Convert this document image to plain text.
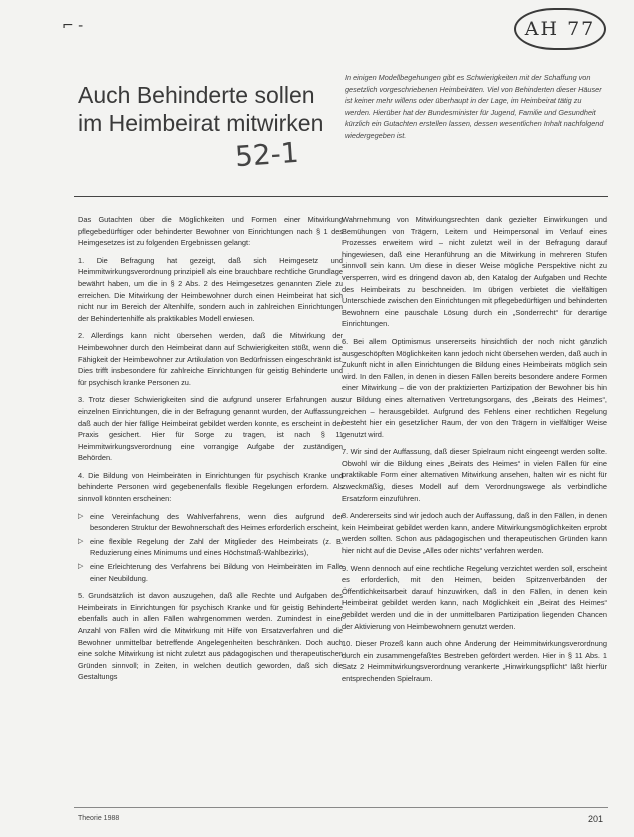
⌐ -	AH 77
Auch Behinderte sollen im Heimbeirat mitwirken
In einigen Modellbegehungen gibt es Schwierigkeiten mit der Schaffung von gesetzlich vorgeschriebenen Heimbeiräten. Viel von Behinderten dieser Häuser ist keiner mehr willens oder überhaupt in der Lage, im Heimbeirat tätig zu werden. Hierüber hat der Bundesminister für Jugend, Familie und Gesundheit kürzlich ein Gutachten erstellen lassen, dessen wesentlichen Inhalt nachfolgend wiedergegeben ist.
52-1

Das Gutachten über die Möglichkeiten und Formen einer Mitwirkung pflegebedürftiger oder behinderter Bewohner von Einrichtungen nach § 1 des Heimgesetzes ist zu folgenden Ergebnissen gelangt:

1. Die Befragung hat gezeigt, daß sich Heimgesetz und Heimmitwirkungsverordnung prinzipiell als eine brauchbare rechtliche Grundlage bewährt haben, um die in § 2 Abs. 2 des Heimgesetzes genannten Ziele zu erreichen. Die Mitwirkung der Heimbewohner durch einen Heimbeirat hat sich nicht nur im Bereich der Altenhilfe, sondern auch in zahlreichen Einrichtungen der Behindertenhilfe als praktikables Modell erwiesen.

2. Allerdings kann nicht übersehen werden, daß die Mitwirkung der Heimbewohner durch den Heimbeirat dann auf Schwierigkeiten stößt, wenn die Fähigkeit der Heimbewohner zur Artikulation von Bedürfnissen eingeschränkt ist. Dies trifft insbesondere für zahlreiche Einrichtungen für geistig Behinderte und für psychisch kranke Personen zu.

3. Trotz dieser Schwierigkeiten sind die aufgrund unserer Erfahrungen aus einzelnen Einrichtungen, die in der Befragung genannt wurden, der Auffassung, daß auch der hier fällige Heimbeirat gebildet werden konnte, es erscheint in der Praxis gesichert. Hier für Sorge zu tragen, ist nach § 11 Heimmitwirkungsverordnung eine vorrangige Aufgabe der zuständigen Behörden.

4. Die Bildung von Heimbeiräten in Einrichtungen für psychisch Kranke und behinderte Personen wird gegebenenfalls flexible Regelungen erfordern. Als sinnvoll könnten erscheinen:

▷ eine Vereinfachung des Wahlverfahrens, wenn dies aufgrund der besonderen Struktur der Bewohnerschaft des Heimes erforderlich erscheint,
▷ eine flexible Regelung der Zahl der Mitglieder des Heimbeirats (z. B. Reduzierung eines Minimums und eines Höchstmaß-Wahlbezirks),
▷ eine Erleichterung des Verfahrens bei Bildung von Heimbeiräten im Falle einer Neubildung.

5. Grundsätzlich ist davon auszugehen, daß alle Rechte und Aufgaben des Heimbeirats in Einrichtungen für psychisch Kranke und für geistig Behinderte ebenfalls auch in allen Fällen wahrgenommen werden. Zumindest in einer Anzahl von Fällen wird die Mitwirkung mit Hilfe von Ersatzverfahren und die Bewohner unmittelbar betreffende Angelegenheiten beschränken. Doch auch eine solche Mitwirkung ist nicht zuletzt aus pädagogischen und therapeutischen Gründen sinnvoll; in Zeiten, in welchen deutlich geworden, daß sich die Gestaltungs

Wahrnehmung von Mitwirkungsrechten dank gezielter Einwirkungen und Bemühungen von Trägern, Leitern und Heimpersonal im Verlauf eines Prozesses erweitern wird – nicht zuletzt weil in der Befragung darauf hingewiesen, daß eine Heranführung an die Mitwirkung in mehreren Stufen sinnvoll sein kann. Um diese in dieser Weise mögliche Perspektive nicht zu versperren, wird es dringend davon ab, den Katalog der Aufgaben und Rechte des Heimbeirats zu beschneiden. Im übrigen verbietet die vielfältigen Unterschiede zwischen den Einrichtungen mit pflegebedürftigen und behinderten Bewohnern eine pauschale Lösung durch ein „Sonderrecht“ für derartige Einrichtungen.

6. Bei allem Optimismus unsererseits hinsichtlich der noch nicht gänzlich ausgeschöpften Möglichkeiten kann jedoch nicht übersehen werden, daß auch in Zukunft nicht in allen Einrichtungen die Bildung eines Heimbeirats möglich sein wird. In den Fällen, in denen in diesen Fällen bereits besondere andere Formen einer Mitwirkung – die von der praktizierten Partizipation der Bewohner bis hin zur Bildung eines alternativen Vertretungsorgans, des „Beirats des Heimes“, reichen – herausgebildet. Aufgrund des Fehlens einer rechtlichen Regelung besteht hier ein gesetzlicher Raum, der von den Trägern in vielfältiger Weise genutzt wird.

7. Wir sind der Auffassung, daß dieser Spielraum nicht eingeengt werden sollte. Obwohl wir die Bildung eines „Beirats des Heimes“ in vielen Fällen für eine praktikable Form einer alternativen Mitwirkung ansehen, halten wir es nicht für zweckmäßig, dieses Modell auf dem Verordnungswege als verbindliche Ersatzform einzuführen.

8. Andererseits sind wir jedoch auch der Auffassung, daß in den Fällen, in denen kein Heimbeirat gebildet werden kann, andere Mitwirkungsmöglichkeiten erprobt werden sollten. Schon aus pädagogischen und therapeutischen Gründen kann hier nicht auf die Devise „Alles oder nichts“ verfahren werden.

9. Wenn dennoch auf eine rechtliche Regelung verzichtet werden soll, erscheint es erforderlich, mit den Heimen, beiden Spitzenverbänden der Öffentlichkeitsarbeit darauf hinzuwirken, daß in den Fällen, in denen kein Heimbeirat gebildet werden kann, nach Möglichkeit ein „Beirat des Heimes“ gebildet werden und die in der unmittelbaren Partizipation liegenden Chancen der Aktivierung von Heimbewohnern genutzt werden.

10. Dieser Prozeß kann auch ohne Änderung der Heimmitwirkungsverordnung durch ein zusammengefaßtes Bestreben gefördert werden. Hier in § 11 Abs. 1 Satz 2 Heimmitwirkungsverordnung verankerte „Hinwirkungspflicht“ läßt hierfür entsprechenden Spielraum.

Theorie 1988	201
